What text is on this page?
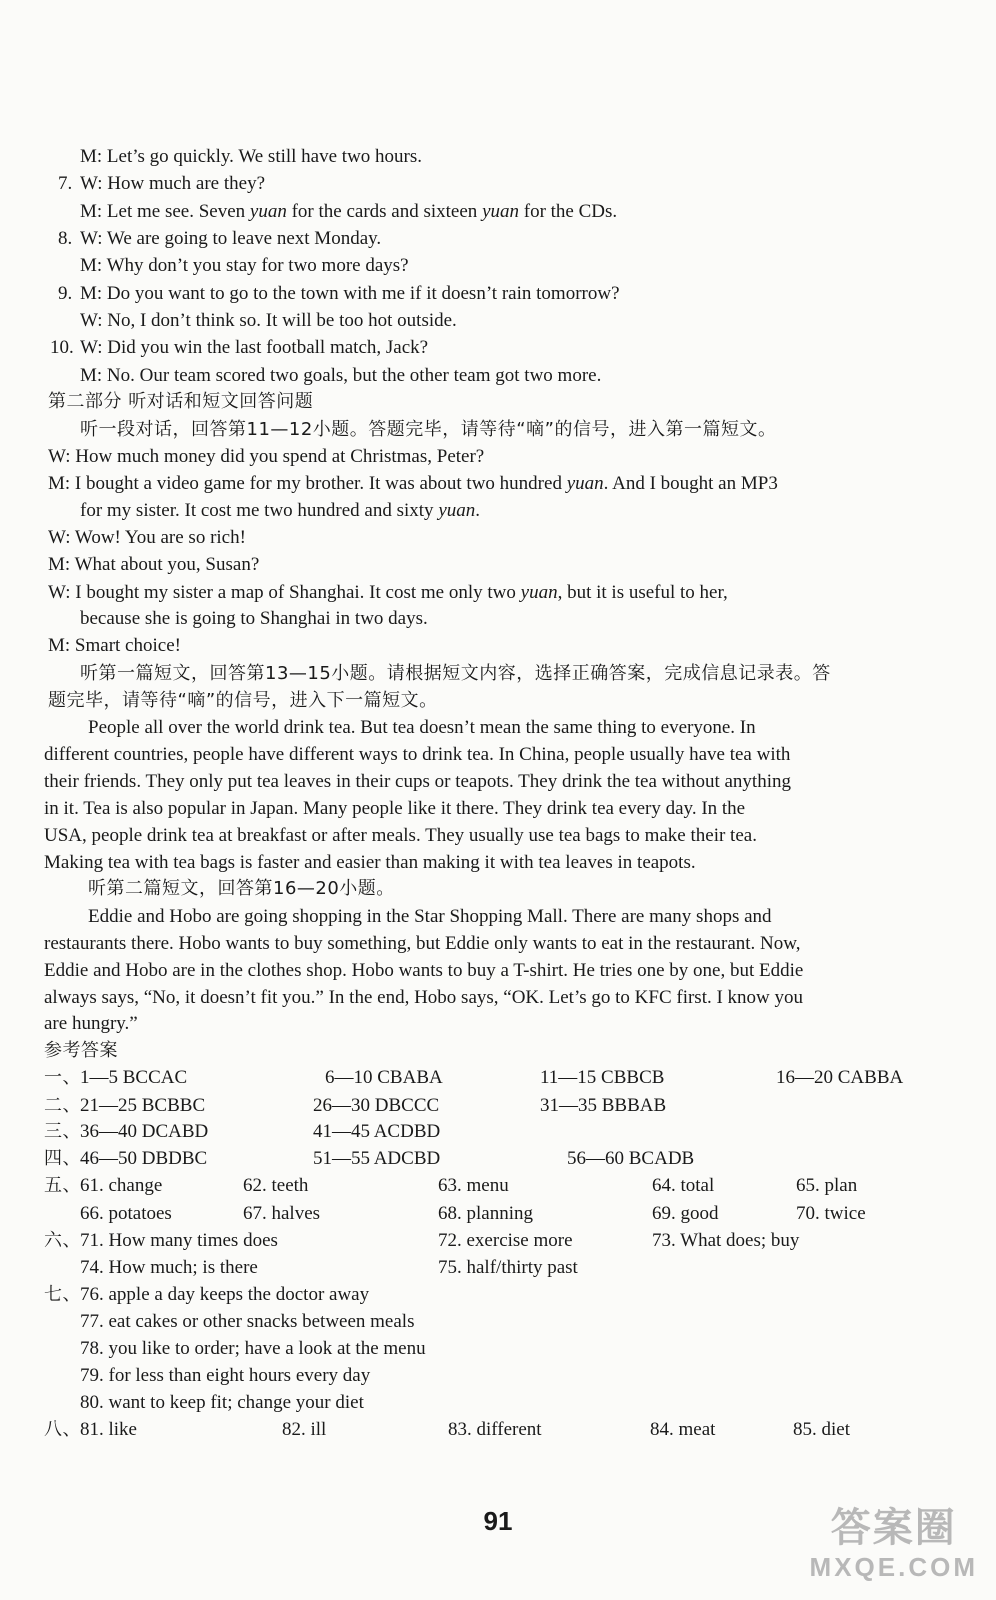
M: Let’s go quickly. We still have two hours.
7. W: How much are they?
M: Let me see. Seven yuan for the cards and sixteen yuan for the CDs.
8. W: We are going to leave next Monday.
M: Why don’t you stay for two more days?
9. M: Do you want to go to the town with me if it doesn’t rain tomorrow?
W: No, I don’t think so. It will be too hot outside.
10. W: Did you win the last football match, Jack?
M: No. Our team scored two goals, but the other team got two more.
第二部分 听对话和短文回答问题
听一段对话，回答第11—12小题。答题完毕，请等待“嘀”的信号，进入第一篇短文。
W: How much money did you spend at Christmas, Peter?
M: I bought a video game for my brother. It was about two hundred yuan. And I bought an MP3
for my sister. It cost me two hundred and sixty yuan.
W: Wow! You are so rich!
M: What about you, Susan?
W: I bought my sister a map of Shanghai. It cost me only two yuan, but it is useful to her,
because she is going to Shanghai in two days.
M: Smart choice!
听第一篇短文，回答第13—15小题。请根据短文内容，选择正确答案，完成信息记录表。答
题完毕，请等待“嘀”的信号，进入下一篇短文。
People all over the world drink tea. But tea doesn’t mean the same thing to everyone. In
different countries, people have different ways to drink tea. In China, people usually have tea with
their friends. They only put tea leaves in their cups or teapots. They drink the tea without anything
in it. Tea is also popular in Japan. Many people like it there. They drink tea every day. In the
USA, people drink tea at breakfast or after meals. They usually use tea bags to make their tea.
Making tea with tea bags is faster and easier than making it with tea leaves in teapots.
听第二篇短文，回答第16—20小题。
Eddie and Hobo are going shopping in the Star Shopping Mall. There are many shops and
restaurants there. Hobo wants to buy something, but Eddie only wants to eat in the restaurant. Now,
Eddie and Hobo are in the clothes shop. Hobo wants to buy a T-shirt. He tries one by one, but Eddie
always says, “No, it doesn’t fit you.” In the end, Hobo says, “OK. Let’s go to KFC first. I know you
are hungry.”
参考答案
一、 1—5 BCCAC	6—10 CBABA	11—15 CBBCB	16—20 CABBA
二、 21—25 BCBBC	26—30 DBCCC	31—35 BBBAB
三、 36—40 DCABD	41—45 ACDBD
四、 46—50 DBDBC	51—55 ADCBD	56—60 BCADB
五、 61. change	62. teeth	63. menu	64. total	65. plan
66. potatoes	67. halves	68. planning	69. good	70. twice
六、 71. How many times does	72. exercise more	73. What does; buy
74. How much; is there	75. half/thirty past
七、 76. apple a day keeps the doctor away
77. eat cakes or other snacks between meals
78. you like to order; have a look at the menu
79. for less than eight hours every day
80. want to keep fit; change your diet
八、 81. like	82. ill	83. different	84. meat	85. diet
91	答案圈
MXQE.COM
